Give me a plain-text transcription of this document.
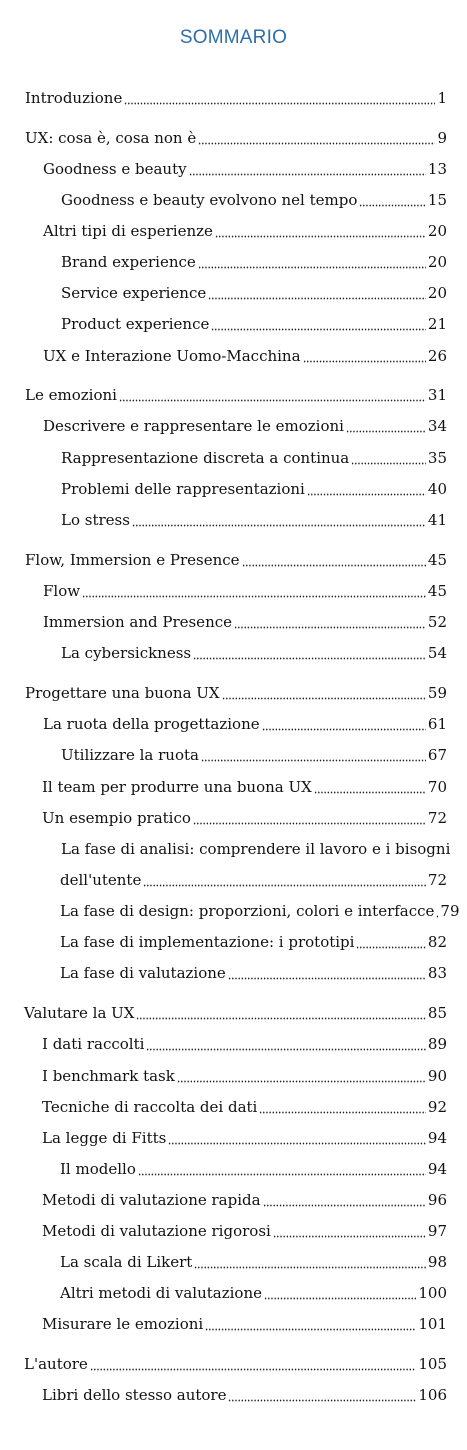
SOMMARIO
Introduzione	1
UX: cosa è, cosa non è	9
Goodness e beauty	13
Goodness e beauty evolvono nel tempo	15
Altri tipi di esperienze	20
Brand experience	20
Service experience	20
Product experience	21
UX e Interazione Uomo-Macchina	26
Le emozioni	31
Descrivere e rappresentare le emozioni	34
Rappresentazione discreta a continua	35
Problemi delle rappresentazioni	40
Lo stress	41
Flow, Immersion e Presence	45
Flow	45
Immersion and Presence	52
La cybersickness	54
Progettare una buona UX	59
La ruota della progettazione	61
Utilizzare la ruota	67
Il team per produrre una buona UX	70
Un esempio pratico	72
La fase di analisi: comprendere il lavoro e i bisogni
dell'utente	72
La fase di design: proporzioni, colori e interfacce 79
La fase di implementazione: i prototipi	82
La fase di valutazione	83
Valutare la UX	85
I dati raccolti	89
I benchmark task	90
Tecniche di raccolta dei dati	92
La legge di Fitts	94
Il modello	94
Metodi di valutazione rapida	96
Metodi di valutazione rigorosi	97
La scala di Likert	98
Altri metodi di valutazione	100
Misurare le emozioni	101
L'autore	105
Libri dello stesso autore	106
